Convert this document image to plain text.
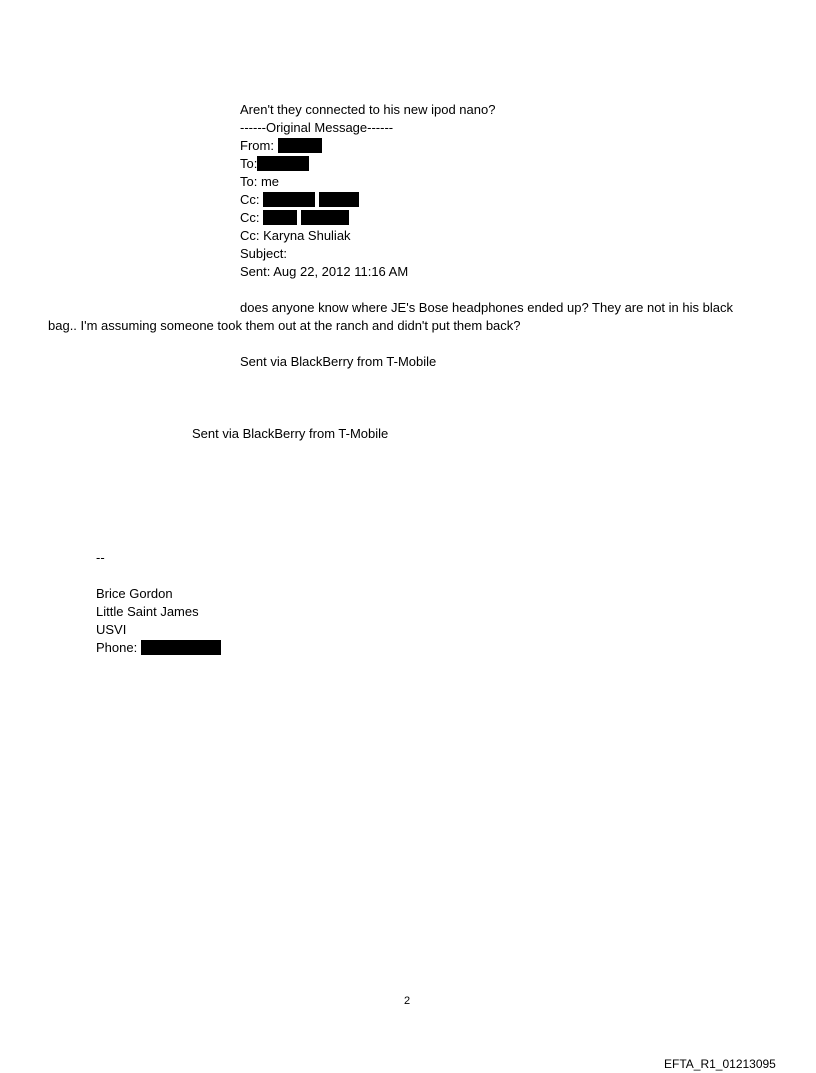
Aren't they connected to his new ipod nano?
------Original Message------
From:
To:
To: me
Cc:
Cc:
Cc: Karyna Shuliak
Subject:
Sent: Aug 22, 2012 11:16 AM
does anyone know where JE's Bose headphones ended up? They are not in his black
bag.. I'm assuming someone took them out at the ranch and didn't put them back?
Sent via BlackBerry from T-Mobile
Sent via BlackBerry from T-Mobile
--
Brice Gordon
Little Saint James
USVI
Phone:
2
EFTA_R1_01213095
